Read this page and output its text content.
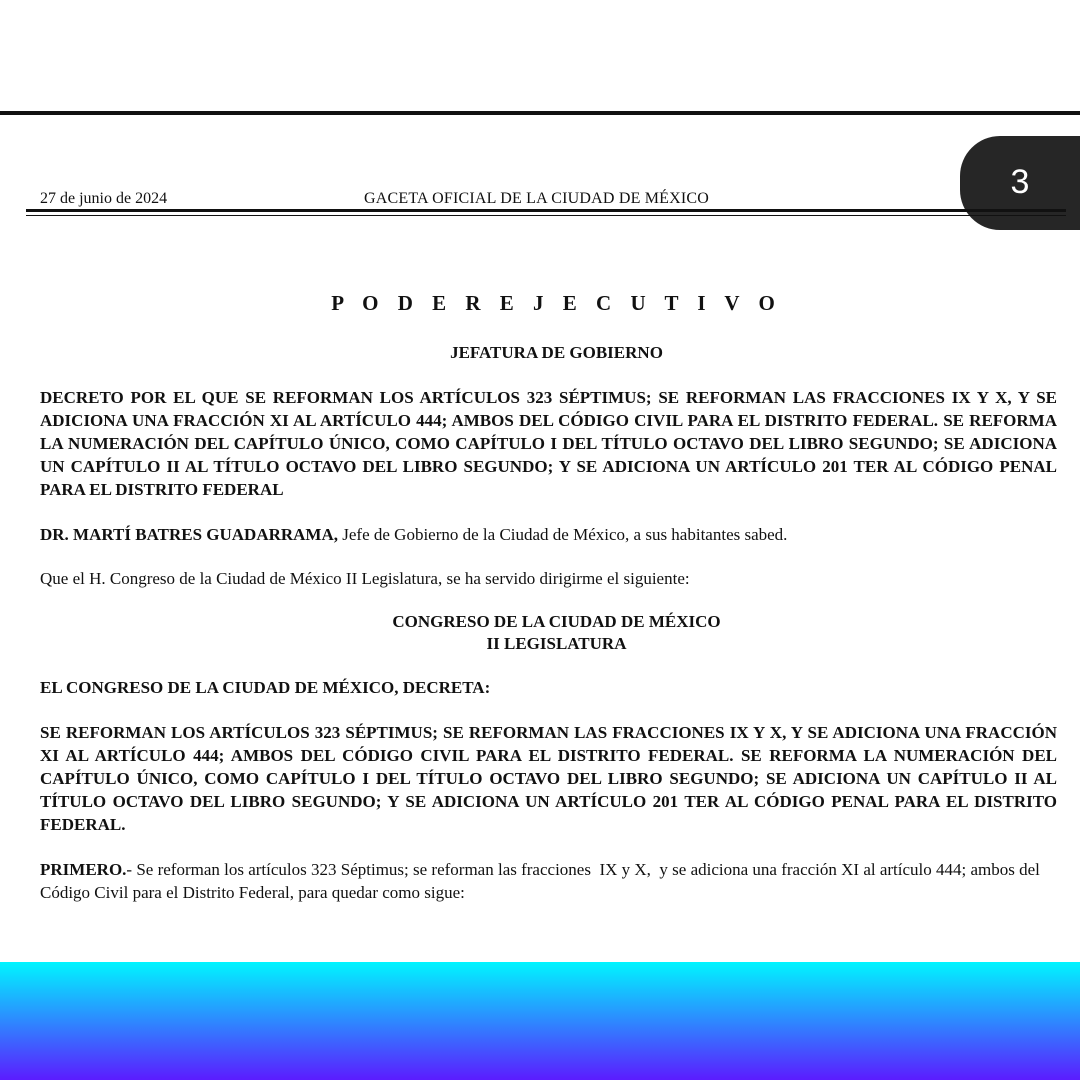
3
27 de junio de 2024	GACETA OFICIAL DE LA CIUDAD DE MÉXICO
P O D E R E J E C U T I V O
JEFATURA DE GOBIERNO

DECRETO POR EL QUE SE REFORMAN LOS ARTÍCULOS 323 SÉPTIMUS; SE REFORMAN LAS FRACCIONES IX Y X, Y SE ADICIONA UNA FRACCIÓN XI AL ARTÍCULO 444; AMBOS DEL CÓDIGO CIVIL PARA EL DISTRITO FEDERAL. SE REFORMA LA NUMERACIÓN DEL CAPÍTULO ÚNICO, COMO CAPÍTULO I DEL TÍTULO OCTAVO DEL LIBRO SEGUNDO; SE ADICIONA UN CAPÍTULO II AL TÍTULO OCTAVO DEL LIBRO SEGUNDO; Y SE ADICIONA UN ARTÍCULO 201 TER AL CÓDIGO PENAL PARA EL DISTRITO FEDERAL

DR. MARTÍ BATRES GUADARRAMA, Jefe de Gobierno de la Ciudad de México, a sus habitantes sabed.

Que el H. Congreso de la Ciudad de México II Legislatura, se ha servido dirigirme el siguiente:

CONGRESO DE LA CIUDAD DE MÉXICO
II LEGISLATURA

EL CONGRESO DE LA CIUDAD DE MÉXICO, DECRETA:

SE REFORMAN LOS ARTÍCULOS 323 SÉPTIMUS; SE REFORMAN LAS FRACCIONES IX Y X, Y SE ADICIONA UNA FRACCIÓN XI AL ARTÍCULO 444; AMBOS DEL CÓDIGO CIVIL PARA EL DISTRITO FEDERAL. SE REFORMA LA NUMERACIÓN DEL CAPÍTULO ÚNICO, COMO CAPÍTULO I DEL TÍTULO OCTAVO DEL LIBRO SEGUNDO; SE ADICIONA UN CAPÍTULO II AL TÍTULO OCTAVO DEL LIBRO SEGUNDO; Y SE ADICIONA UN ARTÍCULO 201 TER AL CÓDIGO PENAL PARA EL DISTRITO FEDERAL.

PRIMERO.- Se reforman los artículos 323 Séptimus; se reforman las fracciones  IX y X,  y se adiciona una fracción XI al artículo 444; ambos del Código Civil para el Distrito Federal, para quedar como sigue:
